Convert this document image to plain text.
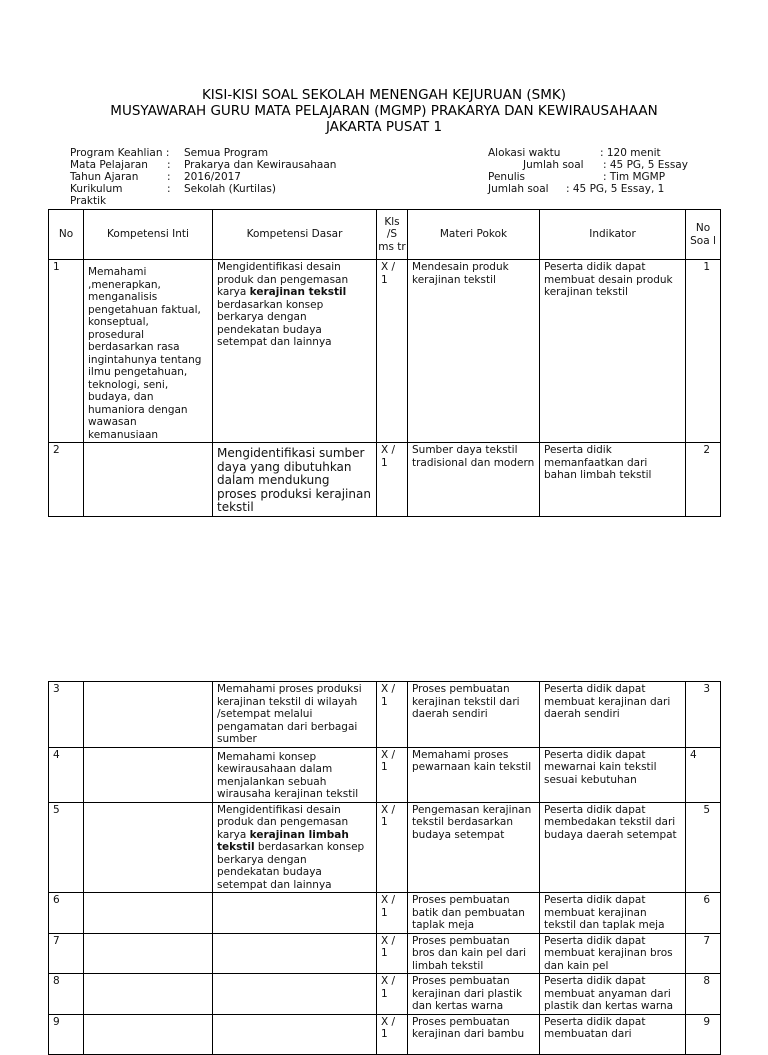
KISI-KISI SOAL SEKOLAH MENENGAH KEJURUAN (SMK)
MUSYAWARAH GURU MATA PELAJARAN (MGMP) PRAKARYA DAN KEWIRAUSAHAAN
JAKARTA PUSAT 1
Program Keahlian : Semua Program
Mata Pelajaran : Prakarya dan Kewirausahaan
Tahun Ajaran	: 2016/2017
Kurikulum	: Sekolah (Kurtilas)
Praktik
Alokasi waktu	: 120 menit
Jumlah soal : 45 PG, 5 Essay
Penulis	: Tim MGMP
Jumlah soal : 45 PG, 5 Essay, 1
No	Kompetensi Inti	Kompetensi Dasar	Kls /S ms tr	Materi Pokok	Indikator	No Soa l
1	Memahami ,menerapkan, menganalisis pengetahuan faktual, konseptual, prosedural berdasarkan rasa ingintahunya tentang ilmu pengetahuan, teknologi, seni, budaya, dan humaniora dengan wawasan kemanusiaan	Mengidentifikasi desain produk dan pengemasan karya kerajinan tekstil berdasarkan konsep berkarya dengan pendekatan budaya setempat dan lainnya	X / 1	Mendesain produk kerajinan tekstil	Peserta didik dapat membuat desain produk kerajinan tekstil	1
2		Mengidentifikasi sumber daya yang dibutuhkan dalam mendukung proses produksi kerajinan tekstil	X / 1	Sumber daya tekstil tradisional dan modern	Peserta didik memanfaatkan dari bahan limbah tekstil	2
3		Memahami proses produksi kerajinan tekstil di wilayah /setempat melalui pengamatan dari berbagai sumber	X / 1	Proses pembuatan kerajinan tekstil dari daerah sendiri	Peserta didik dapat membuat kerajinan dari daerah sendiri	3
4		Memahami konsep kewirausahaan dalam menjalankan sebuah wirausaha kerajinan tekstil	X / 1	Memahami proses pewarnaan kain tekstil	Peserta didik dapat mewarnai kain tekstil sesuai kebutuhan	4
5		Mengidentifikasi desain produk dan pengemasan karya kerajinan limbah tekstil berdasarkan konsep berkarya dengan pendekatan budaya setempat dan lainnya	X / 1	Pengemasan kerajinan tekstil berdasarkan budaya setempat	Peserta didik dapat membedakan tekstil dari budaya daerah setempat	5
6			X / 1	Proses pembuatan batik dan pembuatan taplak meja	Peserta didik dapat membuat kerajinan tekstil dan taplak meja	6
7			X / 1	Proses pembuatan bros dan kain pel dari limbah tekstil	Peserta didik dapat membuat kerajinan bros dan kain pel	7
8			X / 1	Proses pembuatan kerajinan dari plastik dan kertas warna	Peserta didik dapat membuat anyaman dari plastik dan kertas warna	8
9			X / 1	Proses pembuatan kerajinan dari bambu	Peserta didik dapat membuatan dari	9
